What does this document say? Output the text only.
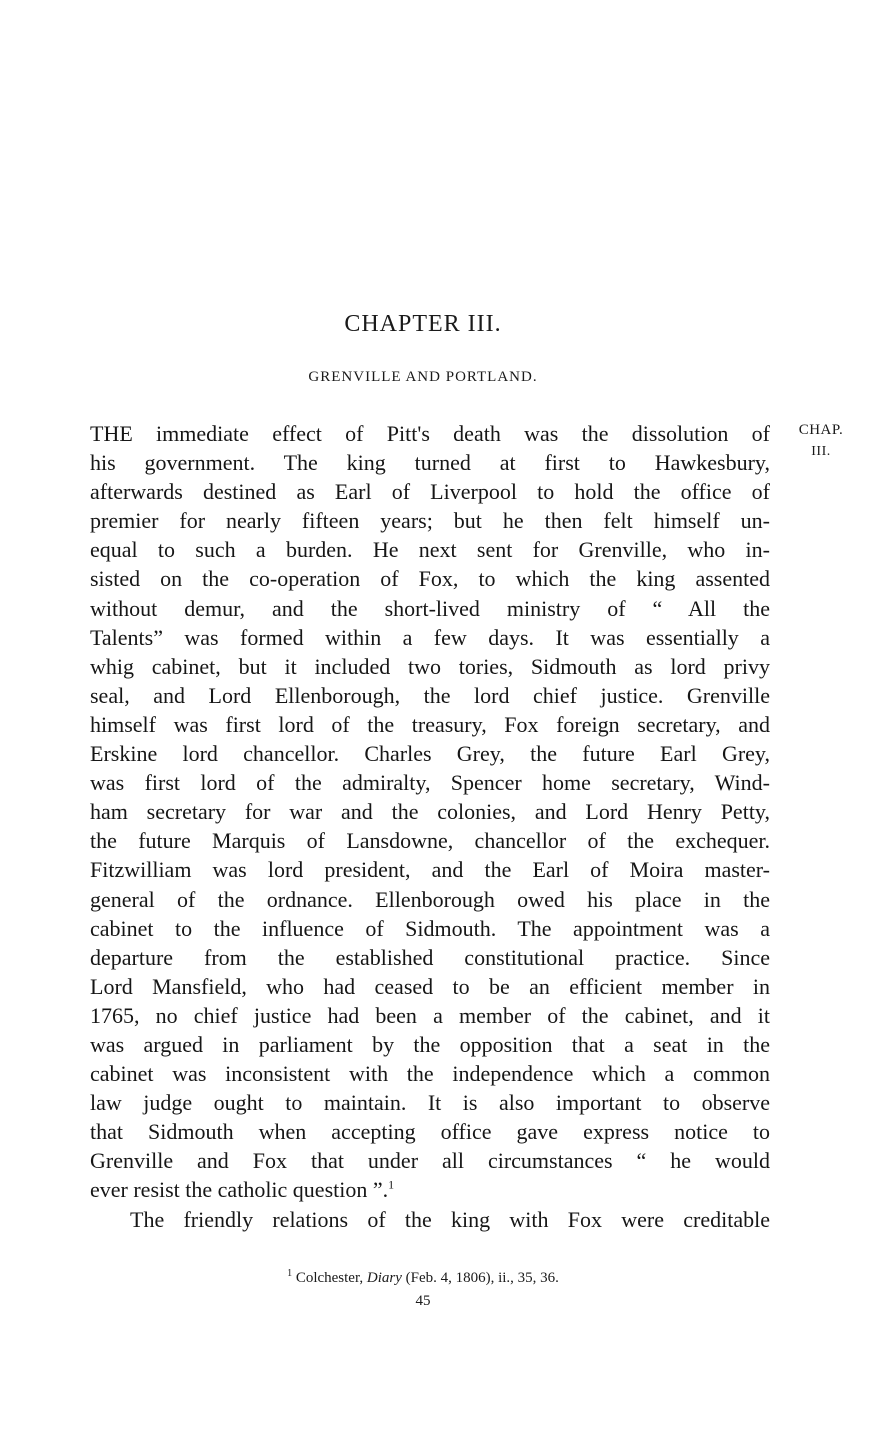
CHAPTER III.
GRENVILLE AND PORTLAND.
CHAP.
III.
THE immediate effect of Pitt's death was the dissolution of
his government. The king turned at first to Hawkesbury,
afterwards destined as Earl of Liverpool to hold the office of
premier for nearly fifteen years; but he then felt himself un-
equal to such a burden. He next sent for Grenville, who in-
sisted on the co-operation of Fox, to which the king assented
without demur, and the short-lived ministry of “ All the
Talents” was formed within a few days. It was essentially a
whig cabinet, but it included two tories, Sidmouth as lord privy
seal, and Lord Ellenborough, the lord chief justice. Grenville
himself was first lord of the treasury, Fox foreign secretary, and
Erskine lord chancellor. Charles Grey, the future Earl Grey,
was first lord of the admiralty, Spencer home secretary, Wind-
ham secretary for war and the colonies, and Lord Henry Petty,
the future Marquis of Lansdowne, chancellor of the exchequer.
Fitzwilliam was lord president, and the Earl of Moira master-
general of the ordnance. Ellenborough owed his place in the
cabinet to the influence of Sidmouth. The appointment was a
departure from the established constitutional practice. Since
Lord Mansfield, who had ceased to be an efficient member in
1765, no chief justice had been a member of the cabinet, and it
was argued in parliament by the opposition that a seat in the
cabinet was inconsistent with the independence which a common
law judge ought to maintain. It is also important to observe
that Sidmouth when accepting office gave express notice to
Grenville and Fox that under all circumstances “ he would
ever resist the catholic question ”.$^1$
The friendly relations of the king with Fox were creditable
$^1$ Colchester, Diary (Feb. 4, 1806), ii., 35, 36.
45
